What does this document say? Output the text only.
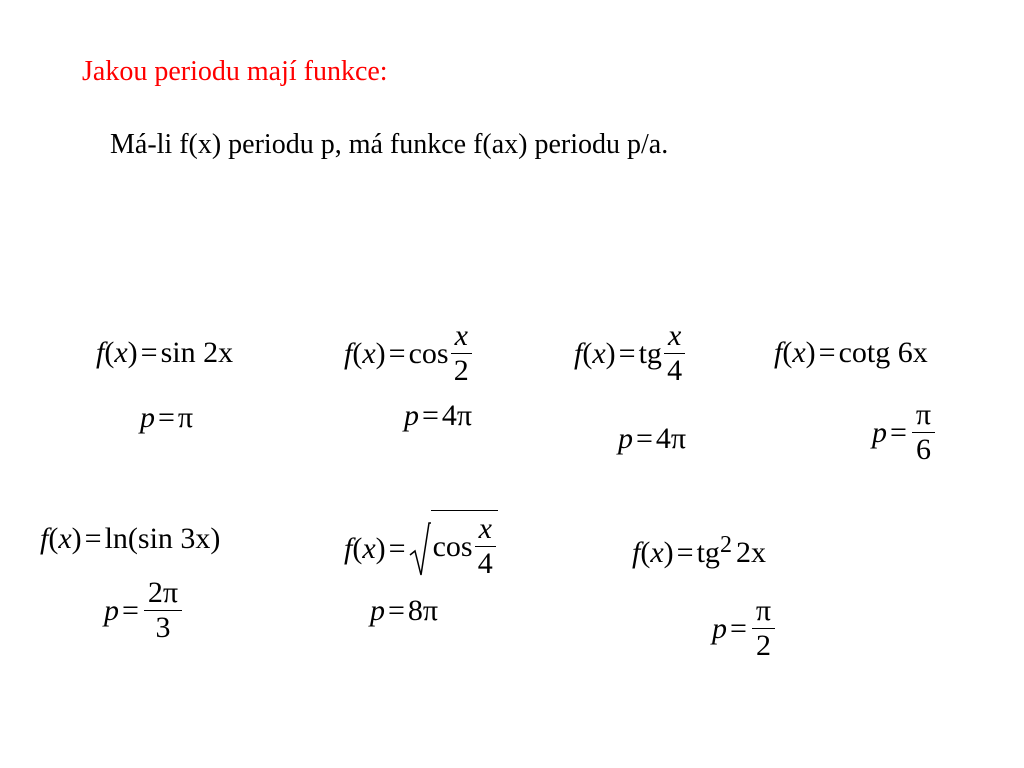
Jakou periodu mají funkce:
Má-li f(x) periodu p, má funkce f(ax) periodu p/a.
f ( x ) = sin 2x
p = π
f ( x ) = $\cos \frac{x}{2}$
p = 4π
f ( x ) = tg $\frac{x}{4}$
p = 4π
f ( x ) = cotg 6x
$p = \frac{\pi}{6}$
f ( x ) = ln(sin 3x)
$p = \frac{2\pi}{3}$
f ( x ) = $\cos \frac{x}{4}$
p = 8π
f ( x ) = tg 2 2x
$p = \frac{\pi}{2}$
